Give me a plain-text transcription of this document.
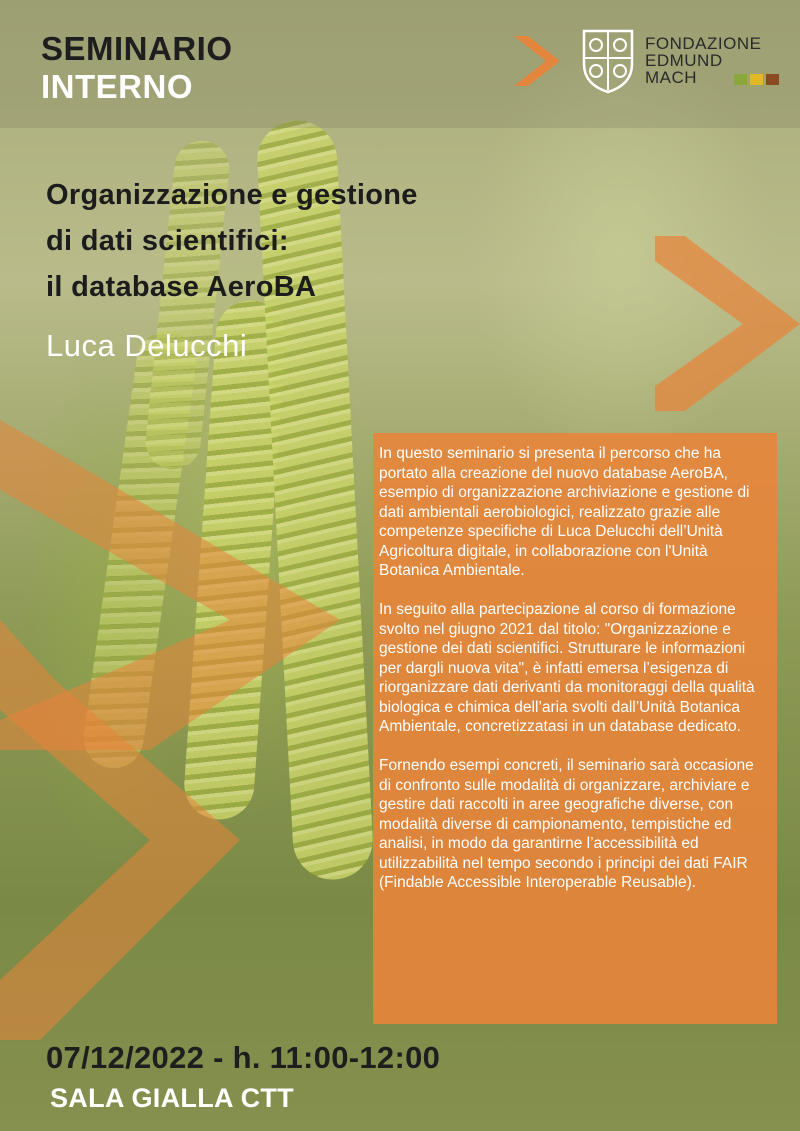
SEMINARIO
INTERNO
FONDAZIONE
EDMUND
MACH
Organizzazione e gestione
di dati scientifici:
il database AeroBA
Luca Delucchi

In questo seminario si presenta il percorso che ha portato alla creazione del nuovo database AeroBA, esempio di organizzazione archiviazione e gestione di dati ambientali aerobiologici, realizzato grazie alle competenze specifiche di Luca Delucchi dell’Unità Agricoltura digitale, in collaborazione con l'Unità Botanica Ambientale.

In seguito alla partecipazione al corso di formazione svolto nel giugno 2021 dal titolo: "Organizzazione e gestione dei dati scientifici. Strutturare le informazioni per dargli nuova vita", è infatti emersa l’esigenza di riorganizzare dati derivanti da monitoraggi della qualità biologica e chimica dell’aria svolti dall’Unità Botanica Ambientale, concretizzatasi in un database dedicato.

Fornendo esempi concreti, il seminario sarà occasione di confronto sulle modalità di organizzare, archiviare e gestire dati raccolti in aree geografiche diverse, con modalità diverse di campionamento, tempistiche ed analisi, in modo da garantirne l’accessibilità ed utilizzabilità nel tempo secondo i principi dei dati FAIR (Findable Accessible Interoperable Reusable).

07/12/2022 - h. 11:00-12:00
SALA GIALLA CTT
